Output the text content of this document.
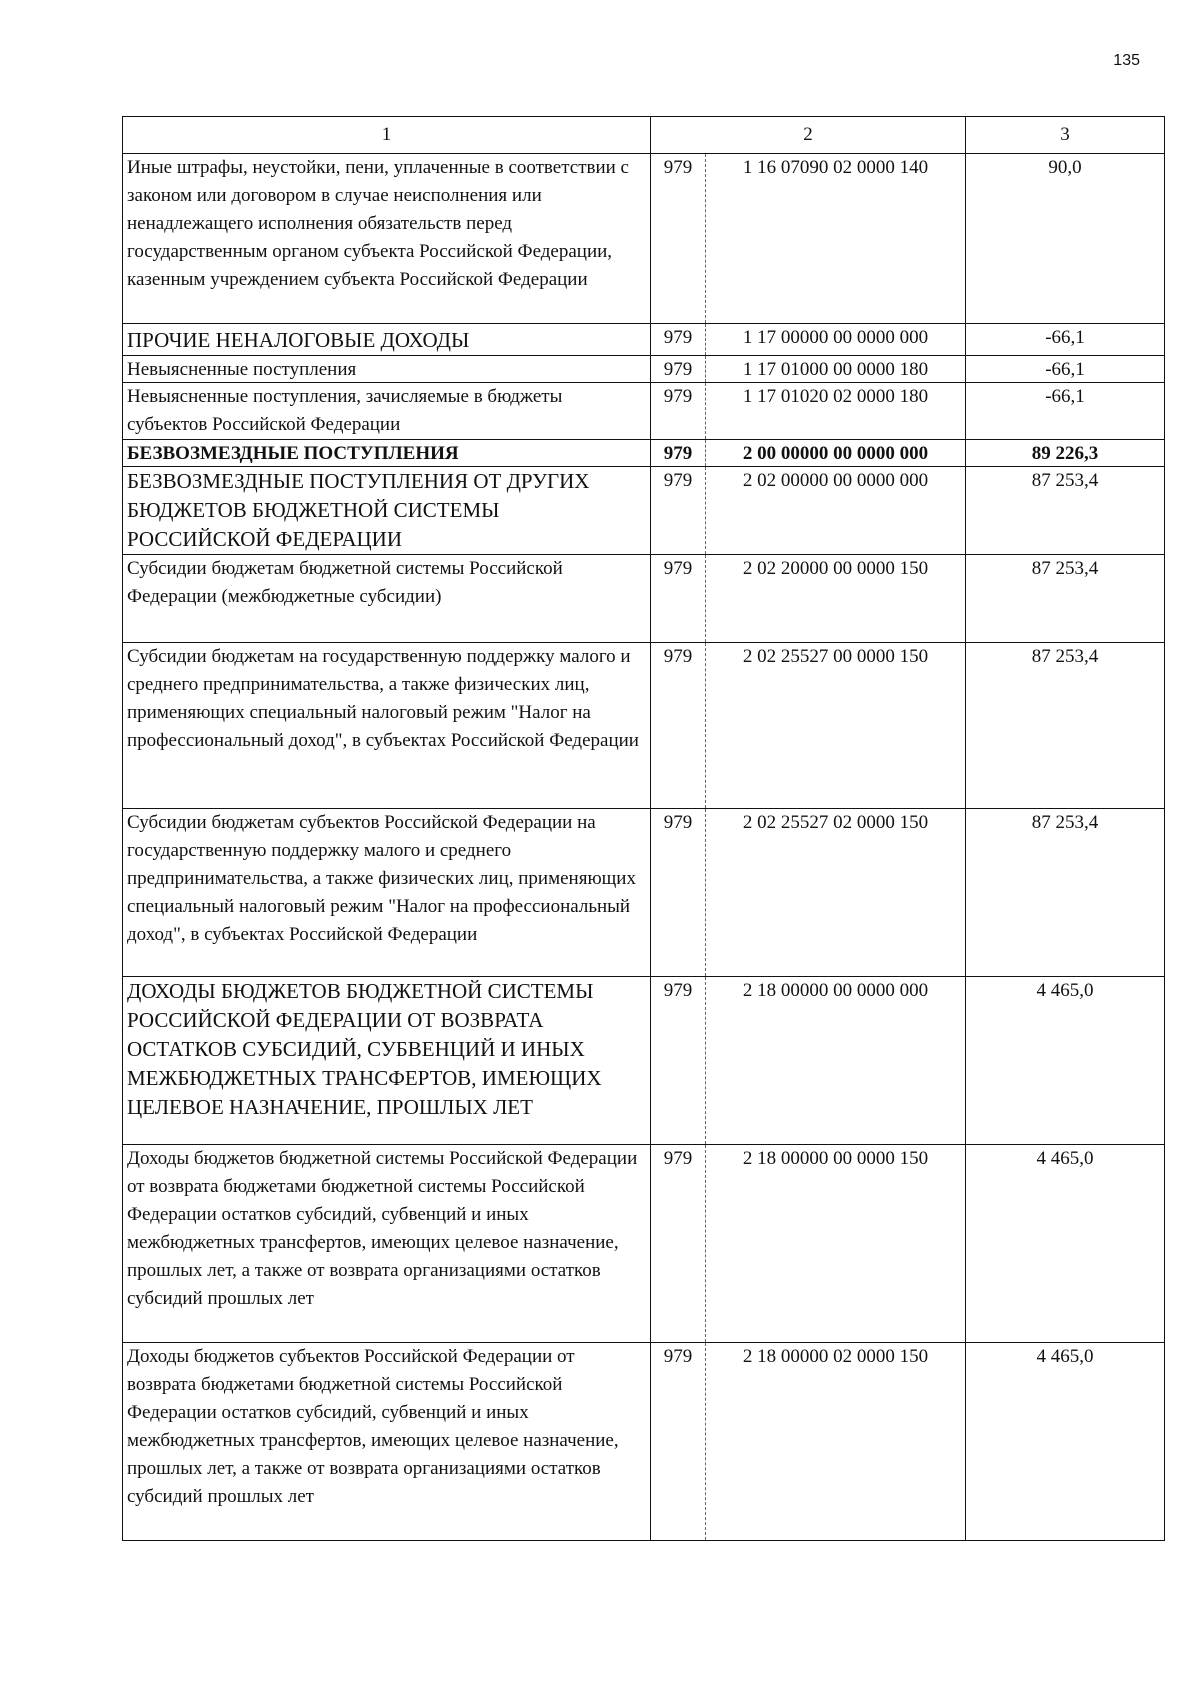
135
1	2		3
Иные штрафы, неустойки, пени, уплаченные в соответствии с законом или договором в случае неисполнения или ненадлежащего исполнения обязательств перед государственным органом субъекта Российской Федерации, казенным учреждением субъекта Российской Федерации	979	1 16 07090 02 0000 140	90,0
ПРОЧИЕ НЕНАЛОГОВЫЕ ДОХОДЫ	979	1 17 00000 00 0000 000	-66,1
Невыясненные поступления	979	1 17 01000 00 0000 180	-66,1
Невыясненные поступления, зачисляемые в бюджеты субъектов Российской Федерации	979	1 17 01020 02 0000 180	-66,1
БЕЗВОЗМЕЗДНЫЕ ПОСТУПЛЕНИЯ	979	2 00 00000 00 0000 000	89 226,3
БЕЗВОЗМЕЗДНЫЕ ПОСТУПЛЕНИЯ ОТ ДРУГИХ БЮДЖЕТОВ БЮДЖЕТНОЙ СИСТЕМЫ РОССИЙСКОЙ ФЕДЕРАЦИИ	979	2 02 00000 00 0000 000	87 253,4
Субсидии бюджетам бюджетной системы Российской Федерации (межбюджетные субсидии)	979	2 02 20000 00 0000 150	87 253,4
Субсидии бюджетам на государственную поддержку малого и среднего предпринимательства, а также физических лиц, применяющих специальный налоговый режим "Налог на профессиональный доход", в субъектах Российской Федерации	979	2 02 25527 00 0000 150	87 253,4
Субсидии бюджетам субъектов Российской Федерации на государственную поддержку малого и среднего предпринимательства, а также физических лиц, применяющих специальный налоговый режим "Налог на профессиональный доход", в субъектах Российской Федерации	979	2 02 25527 02 0000 150	87 253,4
ДОХОДЫ БЮДЖЕТОВ БЮДЖЕТНОЙ СИСТЕМЫ РОССИЙСКОЙ ФЕДЕРАЦИИ ОТ ВОЗВРАТА ОСТАТКОВ СУБСИДИЙ, СУБВЕНЦИЙ И ИНЫХ МЕЖБЮДЖЕТНЫХ ТРАНСФЕРТОВ, ИМЕЮЩИХ ЦЕЛЕВОЕ НАЗНАЧЕНИЕ, ПРОШЛЫХ ЛЕТ	979	2 18 00000 00 0000 000	4 465,0
Доходы бюджетов бюджетной системы Российской Федерации от возврата бюджетами бюджетной системы Российской Федерации остатков субсидий, субвенций и иных межбюджетных трансфертов, имеющих целевое назначение, прошлых лет, а также от возврата организациями остатков субсидий прошлых лет	979	2 18 00000 00 0000 150	4 465,0
Доходы бюджетов субъектов Российской Федерации от возврата бюджетами бюджетной системы Российской Федерации остатков субсидий, субвенций и иных межбюджетных трансфертов, имеющих целевое назначение, прошлых лет, а также от возврата организациями остатков субсидий прошлых лет	979	2 18 00000 02 0000 150	4 465,0
